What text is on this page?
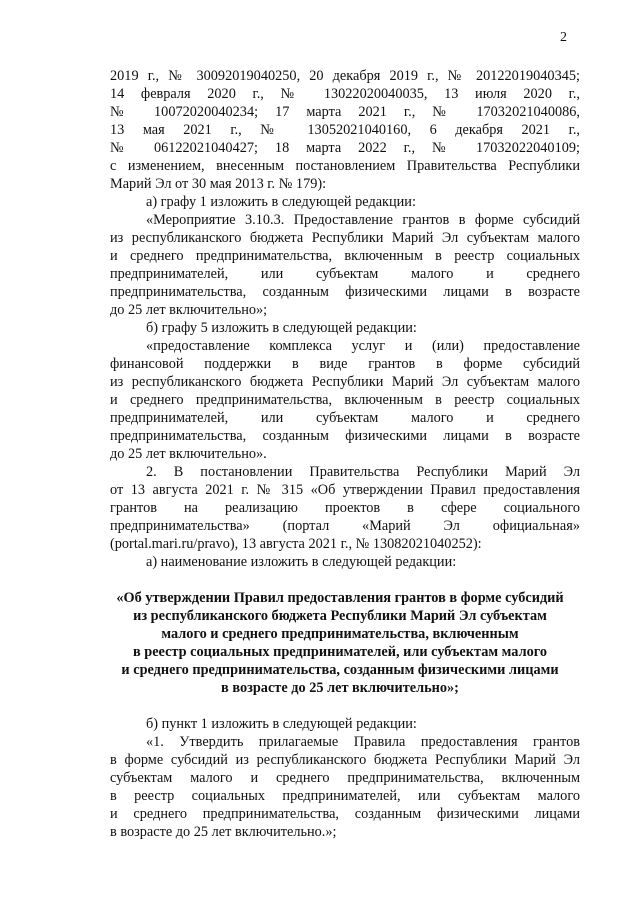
2
2019 г., № 30092019040250, 20 декабря 2019 г., № 20122019040345;
14 февраля 2020 г., № 13022020040035, 13 июля 2020 г.,
№ 10072020040234; 17 марта 2021 г., № 17032021040086,
13 мая 2021 г., № 13052021040160, 6 декабря 2021 г.,
№ 06122021040427; 18 марта 2022 г., № 17032022040109;
с изменением, внесенным постановлением Правительства Республики
Марий Эл от 30 мая 2013 г. № 179):
а) графу 1 изложить в следующей редакции:
«Мероприятие 3.10.3. Предоставление грантов в форме субсидий
из республиканского бюджета Республики Марий Эл субъектам малого
и среднего предпринимательства, включенным в реестр социальных
предпринимателей, или субъектам малого и среднего
предпринимательства, созданным физическими лицами в возрасте
до 25 лет включительно»;
б) графу 5 изложить в следующей редакции:
«предоставление комплекса услуг и (или) предоставление
финансовой поддержки в виде грантов в форме субсидий
из республиканского бюджета Республики Марий Эл субъектам малого
и среднего предпринимательства, включенным в реестр социальных
предпринимателей, или субъектам малого и среднего
предпринимательства, созданным физическими лицами в возрасте
до 25 лет включительно».
2. В постановлении Правительства Республики Марий Эл
от 13 августа 2021 г. № 315 «Об утверждении Правил предоставления
грантов на реализацию проектов в сфере социального
предпринимательства» (портал «Марий Эл официальная»
(portal.mari.ru/pravo), 13 августа 2021 г., № 13082021040252):
а) наименование изложить в следующей редакции:
«Об утверждении Правил предоставления грантов в форме субсидий
из республиканского бюджета Республики Марий Эл субъектам
малого и среднего предпринимательства, включенным
в реестр социальных предпринимателей, или субъектам малого
и среднего предпринимательства, созданным физическими лицами
в возрасте до 25 лет включительно»;
б) пункт 1 изложить в следующей редакции:
«1. Утвердить прилагаемые Правила предоставления грантов
в форме субсидий из республиканского бюджета Республики Марий Эл
субъектам малого и среднего предпринимательства, включенным
в реестр социальных предпринимателей, или субъектам малого
и среднего предпринимательства, созданным физическими лицами
в возрасте до 25 лет включительно.»;
